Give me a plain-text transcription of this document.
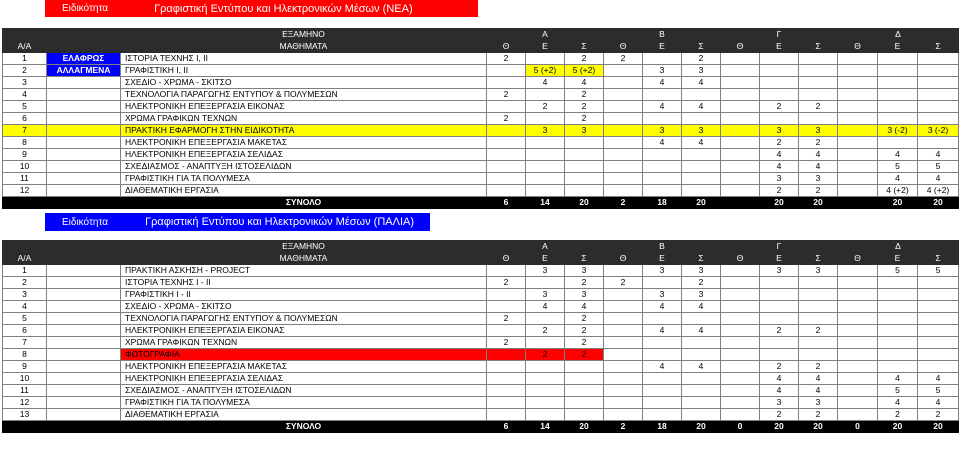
Ειδικότητα	Γραφιστική Εντύπου και Ηλεκτρονικών Μέσων (ΝΕΑ)
		ΕΞΑΜΗΝΟ	Α			Β			Γ			Δ		
Α/Α		ΜΑΘΗΜΑΤΑ	Θ	Ε	Σ	Θ	Ε	Σ	Θ	Ε	Σ	Θ	Ε	Σ
1	ΕΛΑΦΡΩΣ	ΙΣΤΟΡΙΑ ΤΕΧΝΗΣ Ι, ΙΙ	2		2	2		2						
2	ΑΛΛΑΓΜΕΝΑ	ΓΡΑΦΙΣΤΙΚΗ Ι, ΙΙ		5 (+2)	5 (+2)		3	3						
3		ΣΧΕΔΙΟ - ΧΡΩΜΑ - ΣΚΙΤΣΟ		4	4		4	4						
4		ΤΕΧΝΟΛΟΓΙΑ ΠΑΡΑΓΩΓΗΣ ΕΝΤΥΠΟΥ & ΠΟΛΥΜΕΣΩΝ	2		2									
5		ΗΛΕΚΤΡΟΝΙΚΗ ΕΠΕΞΕΡΓΑΣΙΑ ΕΙΚΟΝΑΣ		2	2		4	4		2	2			
6		ΧΡΩΜΑ ΓΡΑΦΙΚΩΝ ΤΕΧΝΩΝ	2		2									
7		ΠΡΑΚΤΙΚΗ ΕΦΑΡΜΟΓΗ ΣΤΗΝ ΕΙΔΙΚΟΤΗΤΑ		3	3		3	3		3	3		3 (-2)	3 (-2)
8		ΗΛΕΚΤΡΟΝΙΚΗ ΕΠΕΞΕΡΓΑΣΙΑ ΜΑΚΕΤΑΣ					4	4		2	2			
9		ΗΛΕΚΤΡΟΝΙΚΗ ΕΠΕΞΕΡΓΑΣΙΑ ΣΕΛΙΔΑΣ								4	4		4	4
10		ΣΧΕΔΙΑΣΜΟΣ - ΑΝΑΠΤΥΞΗ ΙΣΤΟΣΕΛΙΔΩΝ								4	4		5	5
11		ΓΡΑΦΙΣΤΙΚΗ ΓΙΑ ΤΑ ΠΟΛΥΜΕΣΑ								3	3		4	4
12		ΔΙΑΘΕΜΑΤΙΚΗ ΕΡΓΑΣΙΑ								2	2		4 (+2)	4 (+2)
		ΣΥΝΟΛΟ	6	14	20	2	18	20		20	20		20	20
Ειδικότητα	Γραφιστική Εντύπου και Ηλεκτρονικών Μέσων (ΠΑΛΙΑ)
		ΕΞΑΜΗΝΟ	Α			Β			Γ			Δ		
Α/Α		ΜΑΘΗΜΑΤΑ	Θ	Ε	Σ	Θ	Ε	Σ	Θ	Ε	Σ	Θ	Ε	Σ
1		ΠΡΑΚΤΙΚΗ ΑΣΚΗΣΗ - PROJECT		3	3		3	3		3	3		5	5
2		ΙΣΤΟΡΙΑ ΤΕΧΝΗΣ Ι - ΙΙ	2		2	2		2						
3		ΓΡΑΦΙΣΤΙΚΗ Ι - ΙΙ		3	3		3	3						
4		ΣΧΕΔΙΟ - ΧΡΩΜΑ - ΣΚΙΤΣΟ		4	4		4	4						
5		ΤΕΧΝΟΛΟΓΙΑ ΠΑΡΑΓΩΓΗΣ ΕΝΤΥΠΟΥ & ΠΟΛΥΜΕΣΩΝ	2		2									
6		ΗΛΕΚΤΡΟΝΙΚΗ ΕΠΕΞΕΡΓΑΣΙΑ ΕΙΚΟΝΑΣ		2	2		4	4		2	2			
7		ΧΡΩΜΑ ΓΡΑΦΙΚΩΝ ΤΕΧΝΩΝ	2		2									
8		ΦΩΤΟΓΡΑΦΙΑ		2	2									
9		ΗΛΕΚΤΡΟΝΙΚΗ ΕΠΕΞΕΡΓΑΣΙΑ ΜΑΚΕΤΑΣ					4	4		2	2			
10		ΗΛΕΚΤΡΟΝΙΚΗ ΕΠΕΞΕΡΓΑΣΙΑ ΣΕΛΙΔΑΣ								4	4		4	4
11		ΣΧΕΔΙΑΣΜΟΣ - ΑΝΑΠΤΥΞΗ ΙΣΤΟΣΕΛΙΔΩΝ								4	4		5	5
12		ΓΡΑΦΙΣΤΙΚΗ ΓΙΑ ΤΑ ΠΟΛΥΜΕΣΑ								3	3		4	4
13		ΔΙΑΘΕΜΑΤΙΚΗ ΕΡΓΑΣΙΑ								2	2		2	2
		ΣΥΝΟΛΟ	6	14	20	2	18	20	0	20	20	0	20	20
